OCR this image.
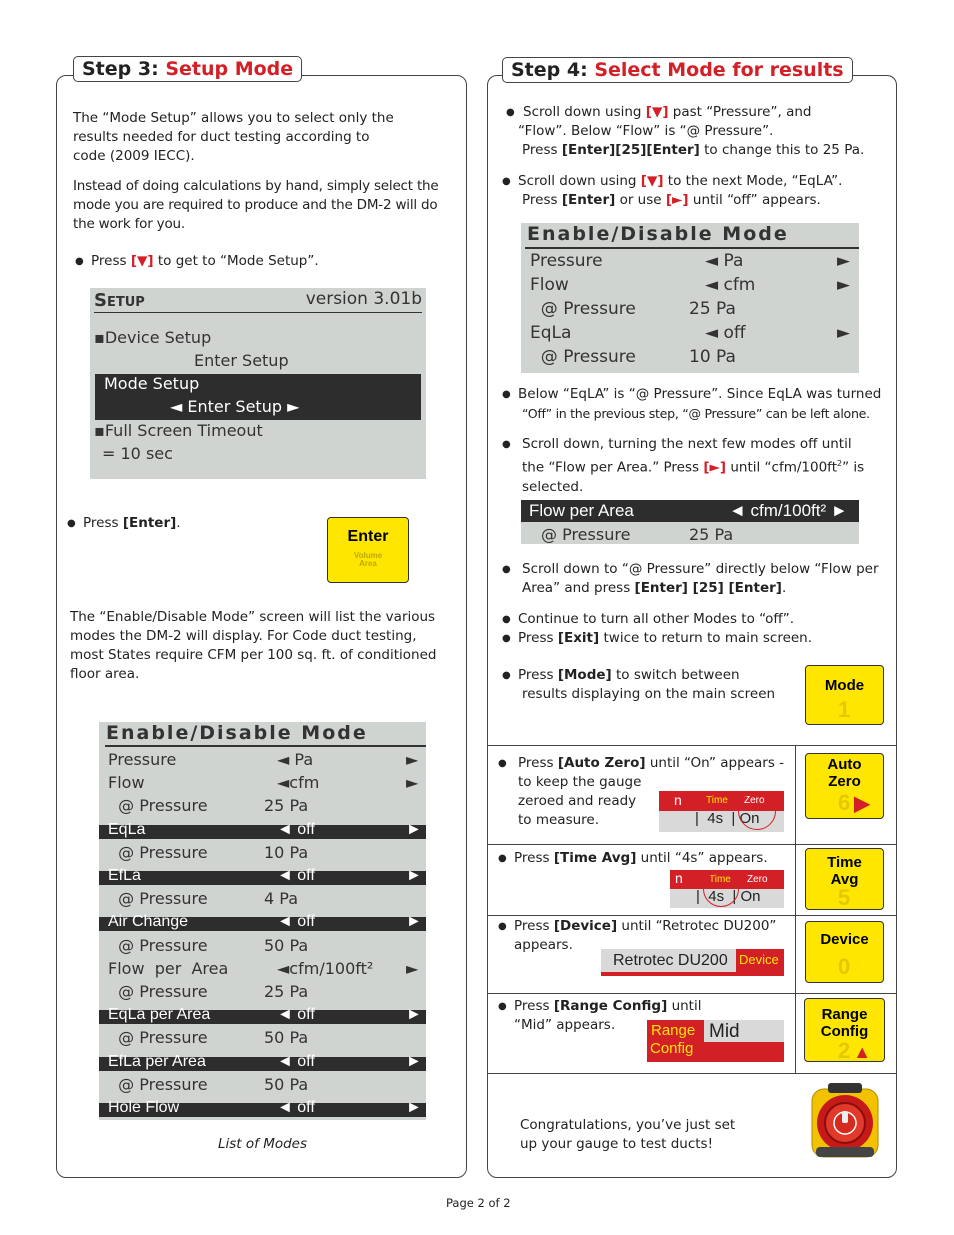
Step 3: Setup Mode
The “Mode Setup” allows you to select only the
results needed for duct testing according to
code (2009 IECC).
Instead of doing calculations by hand, simply select the
mode you are required to produce and the DM-2 will do
the work for you.
● Press [▼] to get to “Mode Setup”.
Setup	version 3.01b
▪Device Setup
Enter Setup
Mode Setup
◄ Enter Setup ►
▪Full Screen Timeout
= 10 sec
● Press [Enter].
Enter
Volume
Area
The “Enable/Disable Mode” screen will list the various
modes the DM-2 will display. For Code duct testing,
most States require CFM per 100 sq. ft. of conditioned
floor area.
Enable/Disable Mode
Pressure	◄ Pa	►
Flow	◄cfm	►
@ Pressure	25 Pa
EqLa	◄ off	►
@ Pressure	10 Pa
EfLa	◄ off	►
@ Pressure	4 Pa
Air Change	◄ off	►
@ Pressure	50 Pa
Flow  per  Area	◄cfm/100ft² ►
@ Pressure	25 Pa
EqLa per Area	◄ off	►
@ Pressure	50 Pa
EfLa per Area	◄ off	►
@ Pressure	50 Pa
Hole Flow	◄ off	►
List of Modes
Step 4: Select Mode for results
● Scroll down using [▼] past “Pressure”, and
“Flow”. Below “Flow” is “@ Pressure”.
Press [Enter][25][Enter] to change this to 25 Pa.
● Scroll down using [▼] to the next Mode, “EqLA”.
Press [Enter] or use [►] until “off” appears.
Enable/Disable Mode
Pressure	◄ Pa	►
Flow	◄ cfm	►
@ Pressure	25 Pa
EqLa	◄ off	►
@ Pressure	10 Pa
● Below “EqLA” is “@ Pressure”. Since EqLA was turned
“Off” in the previous step, “@ Pressure” can be left alone.
● Scroll down, turning the next few modes off until
the “Flow per Area.” Press [►] until “$cfm/100ft^2$” is
selected.
Flow per Area	◄ cfm/100ft² ►
@ Pressure	25 Pa
● Scroll down to “@ Pressure” directly below “Flow per
Area” and press [Enter] [25] [Enter].
● Continue to turn all other Modes to “off”.
● Press [Exit] twice to return to main screen.
● Press [Mode] to switch between
results displaying on the main screen	Mode
1
● Press [Auto Zero] until “On” appears -
to keep the gauge
zeroed and ready
to measure.
n Time Zero
|  4s  | On
Auto
Zero
6 ▶
● Press [Time Avg] until “4s” appears.
n	Time Zero
|  4s  | On
Time
Avg
5
● Press [Device] until “Retrotec DU200”
appears.
Retrotec DU200 Device
Device
0
● Press [Range Config] until
“Mid” appears.	Range
Config
Mid
Range
Config
2 ▲
Congratulations, you’ve just set
up your gauge to test ducts!
Page 2 of 2
